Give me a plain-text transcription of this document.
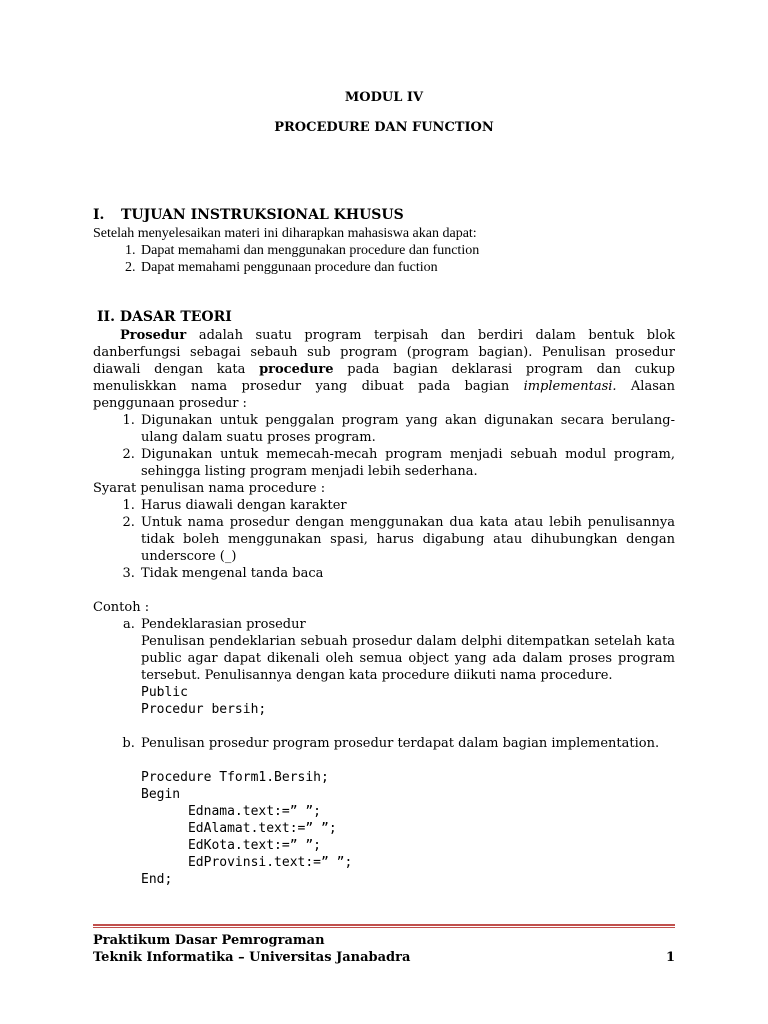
MODUL IV
PROCEDURE DAN FUNCTION
I. TUJUAN INSTRUKSIONAL KHUSUS
Setelah menyelesaikan materi ini diharapkan mahasiswa akan dapat:
1. Dapat memahami dan menggunakan procedure dan function
2. Dapat memahami penggunaan procedure dan fuction
II. DASAR TEORI
Prosedur adalah suatu program terpisah dan berdiri dalam bentuk blok danberfungsi sebagai sebauh sub program (program bagian). Penulisan prosedur diawali dengan kata procedure pada bagian deklarasi program dan cukup menuliskkan nama prosedur yang dibuat pada bagian implementasi. Alasan penggunaan prosedur :
1. Digunakan untuk penggalan program yang akan digunakan secara berulang-ulang dalam suatu proses program.
2. Digunakan untuk memecah-mecah program menjadi sebuah modul program, sehingga listing program menjadi lebih sederhana.
Syarat penulisan nama procedure :
1. Harus diawali dengan karakter
2. Untuk nama prosedur dengan menggunakan dua kata atau lebih penulisannya tidak boleh menggunakan spasi, harus digabung atau dihubungkan dengan underscore (_)
3. Tidak mengenal tanda baca
Contoh :
a. Pendeklarasian prosedur
Penulisan pendeklarian sebuah prosedur dalam delphi ditempatkan setelah kata public agar dapat dikenali oleh semua object yang ada dalam proses program tersebut. Penulisannya dengan kata procedure diikuti nama procedure.
Public
Procedur bersih;
b. Penulisan prosedur program prosedur terdapat dalam bagian implementation.
Procedure Tform1.Bersih;
Begin
Ednama.text:=” ”;
EdAlamat.text:=” ”;
EdKota.text:=” ”;
EdProvinsi.text:=” ”;
End;
Praktikum Dasar Pemrograman
Teknik Informatika – Universitas Janabadra	1
